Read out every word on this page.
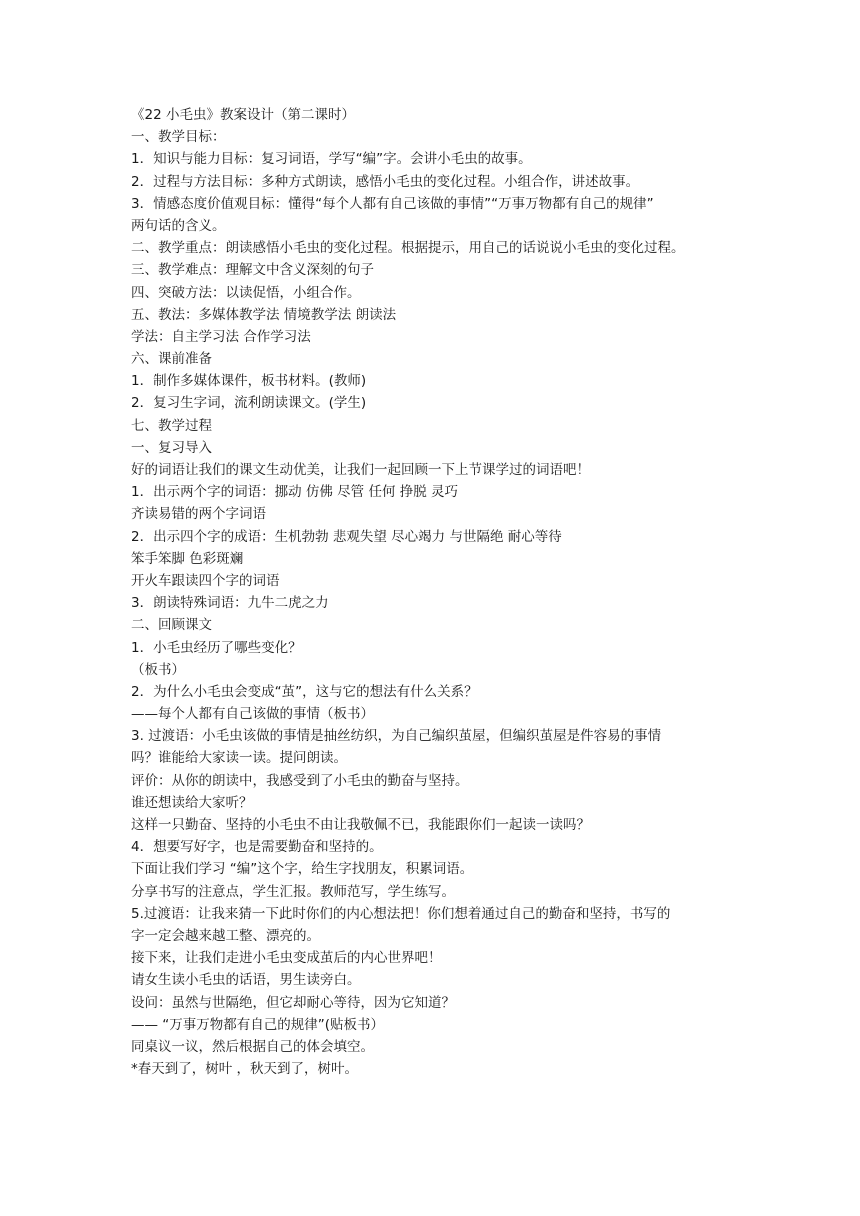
《22 小毛虫》教案设计（第二课时）
一、教学目标：
1．知识与能力目标：复习词语，学写“编”字。会讲小毛虫的故事。
2．过程与方法目标：多种方式朗读，感悟小毛虫的变化过程。小组合作，讲述故事。
3．情感态度价值观目标：懂得“每个人都有自己该做的事情”“万事万物都有自己的规律”
两句话的含义。
二、教学重点：朗读感悟小毛虫的变化过程。根据提示，用自己的话说说小毛虫的变化过程。
三、教学难点：理解文中含义深刻的句子
四、突破方法：以读促悟，小组合作。
五、教法：多媒体教学法 情境教学法 朗读法
学法：自主学习法 合作学习法
六、课前准备
1．制作多媒体课件，板书材料。(教师)
2．复习生字词，流利朗读课文。(学生)
七、教学过程
一、复习导入
好的词语让我们的课文生动优美，让我们一起回顾一下上节课学过的词语吧！
1．出示两个字的词语：挪动 仿佛 尽管 任何 挣脱 灵巧
齐读易错的两个字词语
2．出示四个字的成语：生机勃勃 悲观失望 尽心竭力 与世隔绝 耐心等待
笨手笨脚 色彩斑斓
开火车跟读四个字的词语
3．朗读特殊词语：九牛二虎之力
二、回顾课文
1．小毛虫经历了哪些变化？
（板书）
2．为什么小毛虫会变成“茧”，这与它的想法有什么关系？
——每个人都有自己该做的事情（板书）
3. 过渡语：小毛虫该做的事情是抽丝纺织，为自己编织茧屋，但编织茧屋是件容易的事情
吗？谁能给大家读一读。提问朗读。
评价：从你的朗读中，我感受到了小毛虫的勤奋与坚持。
谁还想读给大家听？
这样一只勤奋、坚持的小毛虫不由让我敬佩不已，我能跟你们一起读一读吗？
4．想要写好字，也是需要勤奋和坚持的。
下面让我们学习 “编”这个字，给生字找朋友，积累词语。
分享书写的注意点，学生汇报。教师范写，学生练写。
5.过渡语：让我来猜一下此时你们的内心想法把！你们想着通过自己的勤奋和坚持，书写的
字一定会越来越工整、漂亮的。
接下来，让我们走进小毛虫变成茧后的内心世界吧！
请女生读小毛虫的话语，男生读旁白。
设问：虽然与世隔绝，但它却耐心等待，因为它知道？
—— “万事万物都有自己的规律”(贴板书）
同桌议一议，然后根据自己的体会填空。
*春天到了，树叶 ，秋天到了，树叶。
